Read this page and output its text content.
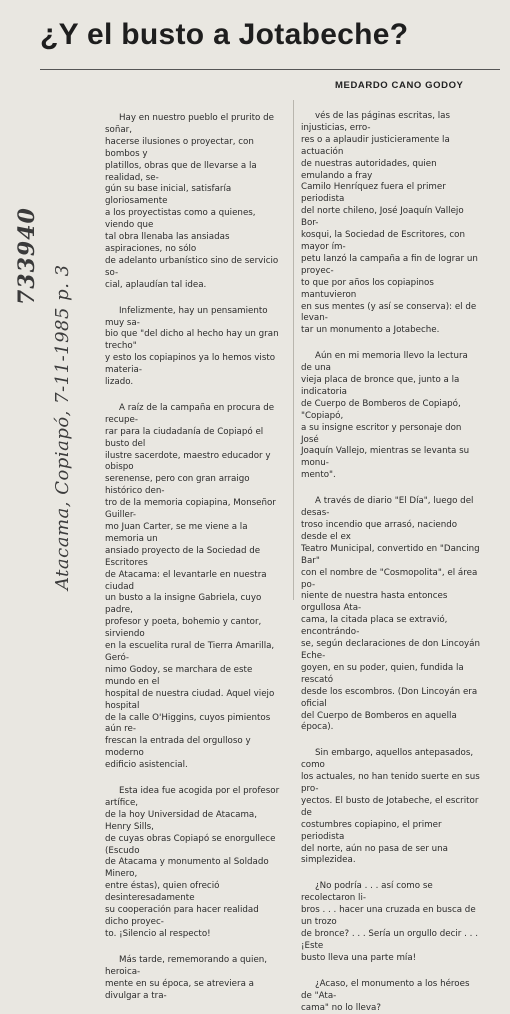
¿Y el busto a Jotabeche?
MEDARDO CANO GODOY
733940
Atacama, Copiapó, 7-11-1985 p. 3

Hay en nuestro pueblo el prurito de soñar,
hacerse ilusiones o proyectar, con bombos y
platillos, obras que de llevarse a la realidad, se-
gún su base inicial, satisfaría gloriosamente
a los proyectistas como a quienes, viendo que
tal obra llenaba las ansiadas aspiraciones, no sólo
de adelanto urbanístico sino de servicio so-
cial, aplaudían tal idea.

Infelizmente, hay un pensamiento muy sa-
bio que "del dicho al hecho hay un gran trecho"
y esto los copiapinos ya lo hemos visto materia-
lizado.

A raíz de la campaña en procura de recupe-
rar para la ciudadanía de Copiapó el busto del
ilustre sacerdote, maestro educador y obispo
serenense, pero con gran arraigo histórico den-
tro de la memoria copiapina, Monseñor Guiller-
mo Juan Carter, se me viene a la memoria un
ansiado proyecto de la Sociedad de Escritores
de Atacama: el levantarle en nuestra ciudad
un busto a la insigne Gabriela, cuyo padre,
profesor y poeta, bohemio y cantor, sirviendo
en la escuelita rural de Tierra Amarilla, Geró-
nimo Godoy, se marchara de este mundo en el
hospital de nuestra ciudad. Aquel viejo hospital
de la calle O'Higgins, cuyos pimientos aún re-
frescan la entrada del orgulloso y moderno
edificio asistencial.

Esta idea fue acogida por el profesor artífice,
de la hoy Universidad de Atacama, Henry Sills,
de cuyas obras Copiapó se enorgullece (Escudo
de Atacama y monumento al Soldado Minero,
entre éstas), quien ofreció desinteresadamente
su cooperación para hacer realidad dicho proyec-
to. ¡Silencio al respecto!

Más tarde, rememorando a quien, heroica-
mente en su época, se atreviera a divulgar a tra-

vés de las páginas escritas, las injusticias, erro-
res o a aplaudir justicieramente la actuación
de nuestras autoridades, quien emulando a fray
Camilo Henríquez fuera el primer periodista
del norte chileno, José Joaquín Vallejo Bor-
kosqui, la Sociedad de Escritores, con mayor ím-
petu lanzó la campaña a fin de lograr un proyec-
to que por años los copiapinos mantuvieron
en sus mentes (y así se conserva): el de levan-
tar un monumento a Jotabeche.

Aún en mi memoria llevo la lectura de una
vieja placa de bronce que, junto a la indicatoria
de Cuerpo de Bomberos de Copiapó, "Copiapó,
a su insigne escritor y personaje don José
Joaquín Vallejo, mientras se levanta su monu-
mento".

A través de diario "El Día", luego del desas-
troso incendio que arrasó, naciendo desde el ex
Teatro Municipal, convertido en "Dancing Bar"
con el nombre de "Cosmopolita", el área po-
niente de nuestra hasta entonces orgullosa Ata-
cama, la citada placa se extravió, encontrándo-
se, según declaraciones de don Lincoyán Eche-
goyen, en su poder, quien, fundida la rescató
desde los escombros. (Don Lincoyán era oficial
del Cuerpo de Bomberos en aquella época).

Sin embargo, aquellos antepasados, como
los actuales, no han tenido suerte en sus pro-
yectos. El busto de Jotabeche, el escritor de
costumbres copiapino, el primer periodista
del norte, aún no pasa de ser una simplezidea.

¿No podría . . . así como se recolectaron li-
bros . . . hacer una cruzada en busca de un trozo
de bronce? . . . Sería un orgullo decir . . . ¡Este
busto lleva una parte mía!

¿Acaso, el monumento a los héroes de "Ata-
cama" no lo lleva?
